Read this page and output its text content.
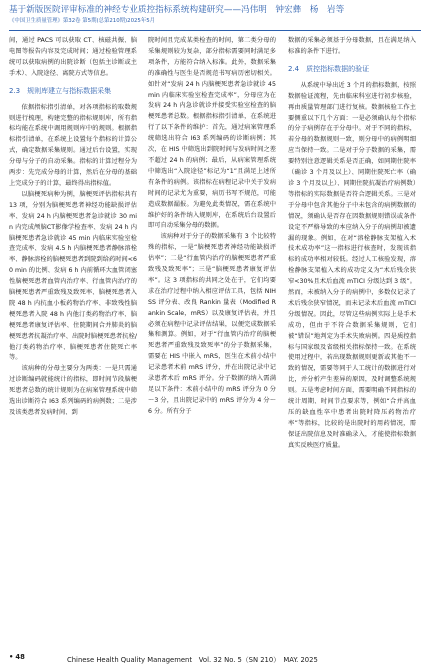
基于新版医院评审标准的神经专业质控指标系统构建研究——冯伟明　钟宏彝　杨　岩等
《中国卫生质量管理》第32卷 第5期(总第210期)2025年5月

间，通过 PACS 可以获取 CT、核磁共振、脑电图等报告内容及完成时间；通过检验管理系统可以获取病例的出院诊断（包括主诊断或主手术）、入院途径、离院方式等信息。

2.3　规则库建立与指标数据采集

依据指标指引清单，对各项指标的取数规则进行梳理，构建完整的指标规则库，所有指标均能在系统中调用规则库中的规则。根据指标指引清单，在系统上设置每个指标的计算公式，确定数据采集规则。通过后台设置，实现分母与分子的自动采集。指标的计算过程分为两步：先完成分母的计算，然后在分母的基础上完成分子的计算，最终得出指标值。

以脑梗死病种为例，脑梗死评估指标共有 13 项，分别为脑梗死患者神经功能缺损评估率、发病 24 h 内脑梗死患者急诊就诊 30 min 内完成颅脑CT影像学检查率、发病 24 h 内脑梗死患者急诊就诊 45 min 内临床实验室检查完成率、发病 4.5 h 内脑梗死患者静脉溶栓率、静脉溶栓的脑梗死患者到院到给药时间<60 min 的比例、发病 6 h 内前循环大血管闭塞性脑梗死患者血管内治疗率、行血管内治疗的脑梗死患者严重致残及致死率、脑梗死患者入院 48 h 内抗血小板药物治疗率、非致残性脑梗死患者入院 48 h 内他汀类药物治疗率、脑梗死患者康复评估率、住院期间合并肺炎的脑梗死患者抗凝治疗率、出院时脑梗死患者抗栓/他汀类药物治疗率、脑梗死患者住院死亡率等。

该病种的分母主要分为两类：一是只需通过诊断编码就能统计的指标，即时间节段脑梗死患者总数的统计规则为在病案管理系统中筛选出诊断符合 I63 系列编码的病例数；二是涉及该类患者发病时间、到

院时间且完成某类检查的时间，第二类分母的采集规则较为复杂，部分指标需要同时满足多项条件，方能符合纳入标准。此外，数据采集的准确性与医生是否规范书写病历密切相关。如针对“发病 24 h 内脑梗死患者急诊就诊 45 min 内临床实验室检查完成率”，分母应为在发病 24 h 内急诊就诊并接受实验室检查的脑梗死患者总数。根据指标指引清单，在系统进行了以下条件的维护：首先，通过病案管理系统筛选出符合 I63 系列编码的诊断病例；其次，在 HIS 中筛选出到院时间与发病时间之差不超过 24 h 的病例；最后，从病案管理系统中筛选出“入院途径”标记为“1”且满足上述所有条件的病例。该指标在病程记录中关于发病时间的记录尤为重要，病历书写不规范，可能造成数据漏报。为避免此类情况，需在系统中维护好的条件纳入规则库，在系统后台设置后即可自动采集分母的数据。

该病种对于分子的数据采集有 3 个比较特殊的指标，一是“脑梗死患者神经功能缺损评估率”；二是“行血管内治疗的脑梗死患者严重致残及致死率”；三是“脑梗死患者康复评估率”。这 3 项指标的共同之处在于，它们均要求在治疗过程中纳入相应评估工具，包括 NIHSS 评分表、改良 Rankin 量表（Modified Rankin Scale，mRS）以及康复评估表，并且必须在病程中记录评估结果，以便完成数据采集和测算。例如，对于“行血管内治疗的脑梗死患者严重致残及致死率”的分子数据采集，需要在 HIS 中嵌入 mRS，医生在术前小结中记录患者术前 mRS 评分，并在出院记录中记录患者术后 mRS 评分。分子数据的纳入需满足以下条件：术前小结中的 mRS 评分为 0 分～3 分，且出院记录中的 mRS 评分为 4 分～6 分。所有分子

数据的采集必须基于分母数据，且在满足纳入标准的条件下进行。

2.4　质控指标数据的验证

从系统中导出近 3 个月的指标数据，按照数据验证流程，先由临床科室进行初步核验，再由质量管理部门进行复核。数据核验工作主要侧重以下几个方面：一是必须确认每个指标的分子病例存在于分母中。对于不同的指标，若分母的数据规则一致，则分母中的病例明细应当保持一致。二是对于分子数据的采集，需要特别注意逻辑关系是否正确，如同期住院率（确诊 3 个月及以上）、同期住院死亡率（确诊 3 个月及以上）、同期住院抗凝治疗病例数）等指标的实际数据是否符合逻辑关系。三是对于分母中包含其他分子中未包含的病例数据的情况，须确认是否存在因数据规则错误或条件设定不严格导致的本应纳入分子的病例却被遗漏的现象。例如，在对“溶栓静脉支架植入术技术成功率”这一指标进行核查时，发现该指标的成功率相对较低。经过人工核验发现，溶栓静脉支架植入术的成功定义为“术后残余狭窄<30%且术后血流 mTICI 分级达到 3 级”。然而，未被纳入分子的病例中，多数仅记录了术后残余狭窄情况，而未记录术后血流 mTICI 分级情况。因此，尽管这些病例实际上是手术成功，但由于不符合数据采集规则，它们被“错误”地判定为手术失败病例。四是质控指标与国家级及省级相关指标保持一致。在系统使用过程中，若出现数据规则更新或其他不一致的情况，需要等同于人工统计的数据进行对比，并分析产生差异的原因，及时调整系统规则。五是考虑时间方面，需要明确不同指标的统计周期、时间节点要求等，例如“合并高血压的缺血性卒中患者出院时降压药物治疗率”等指标，比较的是出院时的用药情况，需保证出院信息及时准确录入，才能使指标数据真实反映医疗质量。

• 48	Chinese Health Quality Management　Vol. 32 No. 5（SN 210）　MAY. 2025
